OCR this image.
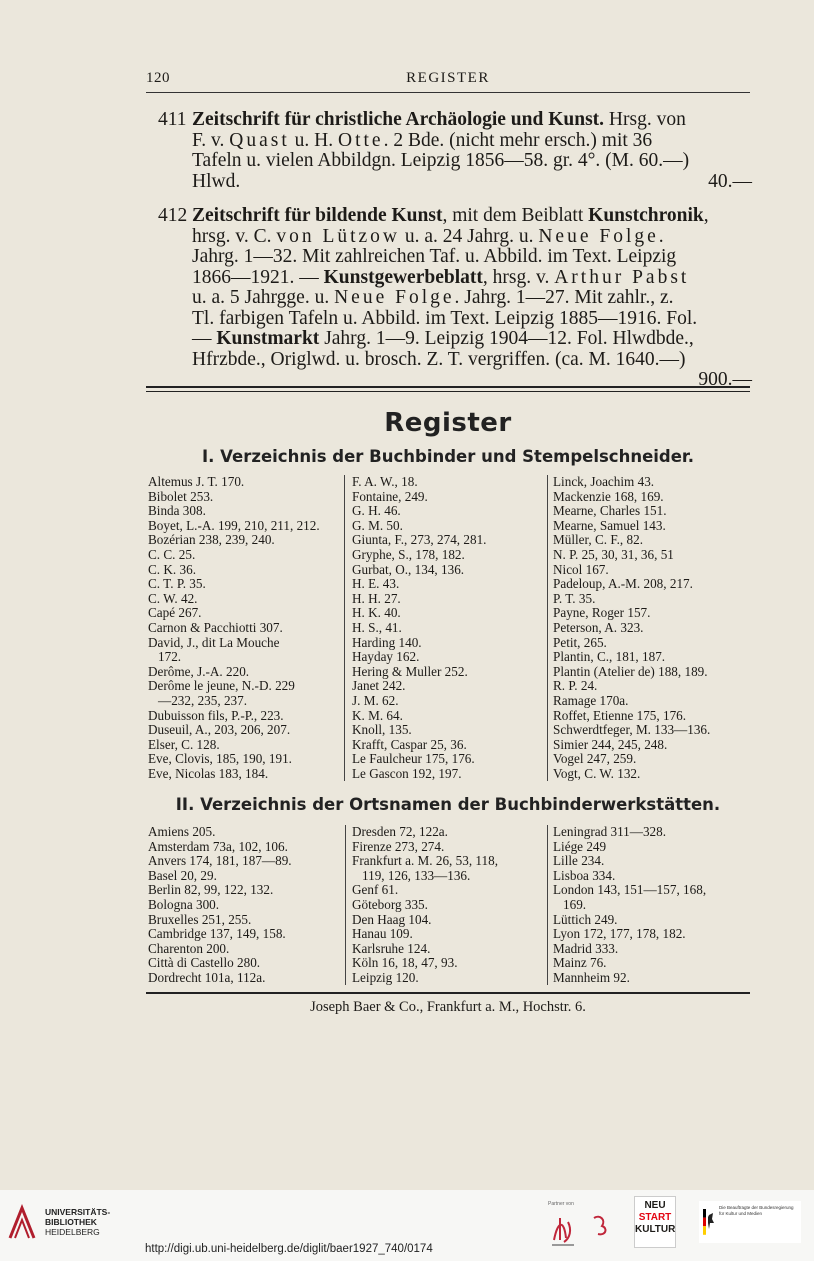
120	REGISTER
411 Zeitschrift für christliche Archäologie und Kunst. Hrsg. von
F. v. Quast u. H. Otte. 2 Bde. (nicht mehr ersch.) mit 36
Tafeln u. vielen Abbildgn. Leipzig 1856—58. gr. 4°. (M. 60.—)
Hlwd.	40.—
412 Zeitschrift für bildende Kunst, mit dem Beiblatt Kunstchronik,
hrsg. v. C. von Lützow u. a. 24 Jahrg. u. Neue Folge.
Jahrg. 1—32. Mit zahlreichen Taf. u. Abbild. im Text. Leipzig
1866—1921. — Kunstgewerbeblatt, hrsg. v. Arthur Pabst
u. a. 5 Jahrgge. u. Neue Folge. Jahrg. 1—27. Mit zahlr., z.
Tl. farbigen Tafeln u. Abbild. im Text. Leipzig 1885—1916. Fol.
— Kunstmarkt Jahrg. 1—9. Leipzig 1904—12. Fol. Hlwdbde.,
Hfrzbde., Origlwd. u. brosch. Z. T. vergriffen. (ca. M. 1640.—)
900.—
Register
I. Verzeichnis der Buchbinder und Stempelschneider.
Altemus J. T. 170.
Bibolet 253.
Binda 308.
Boyet, L.-A. 199, 210, 211, 212.
Bozérian 238, 239, 240.
C. C. 25.
C. K. 36.
C. T. P. 35.
C. W. 42.
Capé 267.
Carnon & Pacchiotti 307.
David, J., dit La Mouche
172.
Derôme, J.-A. 220.
Derôme le jeune, N.-D. 229
—232, 235, 237.
Dubuisson fils, P.-P., 223.
Duseuil, A., 203, 206, 207.
Elser, C. 128.
Eve, Clovis, 185, 190, 191.
Eve, Nicolas 183, 184.
F. A. W., 18.
Fontaine, 249.
G. H. 46.
G. M. 50.
Giunta, F., 273, 274, 281.
Gryphe, S., 178, 182.
Gurbat, O., 134, 136.
H. E. 43.
H. H. 27.
H. K. 40.
H. S., 41.
Harding 140.
Hayday 162.
Hering & Muller 252.
Janet 242.
J. M. 62.
K. M. 64.
Knoll, 135.
Krafft, Caspar 25, 36.
Le Faulcheur 175, 176.
Le Gascon 192, 197.
Linck, Joachim 43.
Mackenzie 168, 169.
Mearne, Charles 151.
Mearne, Samuel 143.
Müller, C. F., 82.
N. P. 25, 30, 31, 36, 51
Nicol 167.
Padeloup, A.-M. 208, 217.
P. T. 35.
Payne, Roger 157.
Peterson, A. 323.
Petit, 265.
Plantin, C., 181, 187.
Plantin (Atelier de) 188, 189.
R. P. 24.
Ramage 170a.
Roffet, Etienne 175, 176.
Schwerdtfeger, M. 133—136.
Simier 244, 245, 248.
Vogel 247, 259.
Vogt, C. W. 132.
II. Verzeichnis der Ortsnamen der Buchbinderwerkstätten.
Amiens 205.
Amsterdam 73a, 102, 106.
Anvers 174, 181, 187—89.
Basel 20, 29.
Berlin 82, 99, 122, 132.
Bologna 300.
Bruxelles 251, 255.
Cambridge 137, 149, 158.
Charenton 200.
Città di Castello 280.
Dordrecht 101a, 112a.
Dresden 72, 122a.
Firenze 273, 274.
Frankfurt a. M. 26, 53, 118,
119, 126, 133—136.
Genf 61.
Göteborg 335.
Den Haag 104.
Hanau 109.
Karlsruhe 124.
Köln 16, 18, 47, 93.
Leipzig 120.
Leningrad 311—328.
Liége 249
Lille 234.
Lisboa 334.
London 143, 151—157, 168,
169.
Lüttich 249.
Lyon 172, 177, 178, 182.
Madrid 333.
Mainz 76.
Mannheim 92.
Joseph Baer & Co., Frankfurt a. M., Hochstr. 6.
UNIVERSITÄTS-
BIBLIOTHEK
HEIDELBERG
http://digi.ub.uni-heidelberg.de/diglit/baer1927_740/0174
Partner von	NEU
START
KULTUR
Die Beauftragte der Bundesregierung für Kultur und Medien
